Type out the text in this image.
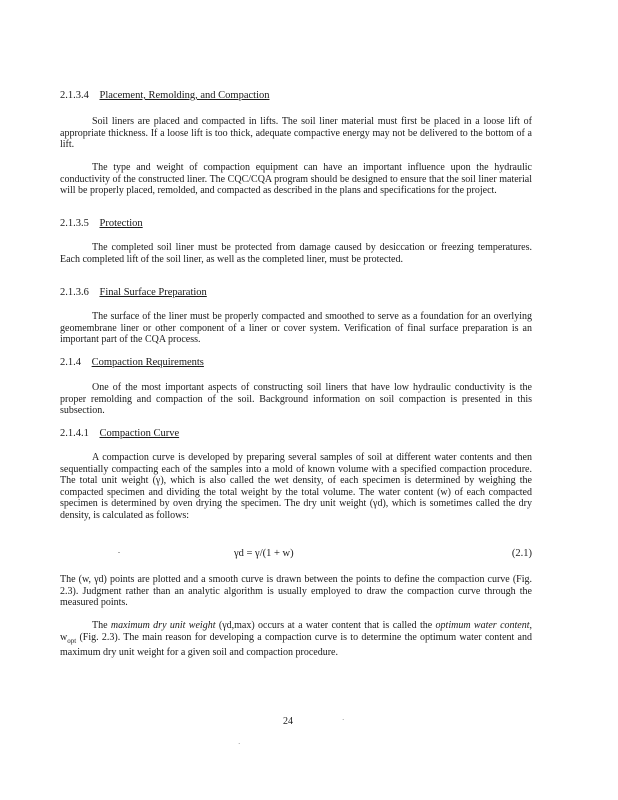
2.1.3.4 Placement, Remolding, and Compaction
Soil liners are placed and compacted in lifts. The soil liner material must first be placed in a loose lift of appropriate thickness. If a loose lift is too thick, adequate compactive energy may not be delivered to the bottom of a lift.
The type and weight of compaction equipment can have an important influence upon the hydraulic conductivity of the constructed liner. The CQC/CQA program should be designed to ensure that the soil liner material will be properly placed, remolded, and compacted as described in the plans and specifications for the project.
2.1.3.5 Protection
The completed soil liner must be protected from damage caused by desiccation or freezing temperatures. Each completed lift of the soil liner, as well as the completed liner, must be protected.
2.1.3.6 Final Surface Preparation
The surface of the liner must be properly compacted and smoothed to serve as a foundation for an overlying geomembrane liner or other component of a liner or cover system. Verification of final surface preparation is an important part of the CQA process.
2.1.4 Compaction Requirements
One of the most important aspects of constructing soil liners that have low hydraulic conductivity is the proper remolding and compaction of the soil. Background information on soil compaction is presented in this subsection.
2.1.4.1 Compaction Curve
A compaction curve is developed by preparing several samples of soil at different water contents and then sequentially compacting each of the samples into a mold of known volume with a specified compaction procedure. The total unit weight (γ), which is also called the wet density, of each specimen is determined by weighing the compacted specimen and dividing the total weight by the total volume. The water content (w) of each compacted specimen is determined by oven drying the specimen. The dry unit weight (γd), which is sometimes called the dry density, is calculated as follows:
.	γd = γ/(1 + w)	(2.1)
The (w, γd) points are plotted and a smooth curve is drawn between the points to define the compaction curve (Fig. 2.3). Judgment rather than an analytic algorithm is usually employed to draw the compaction curve through the measured points.
The maximum dry unit weight (γd,max) occurs at a water content that is called the optimum water content, $w_{opt}$ (Fig. 2.3). The main reason for developing a compaction curve is to determine the optimum water content and maximum dry unit weight for a given soil and compaction procedure.
24	·
·
